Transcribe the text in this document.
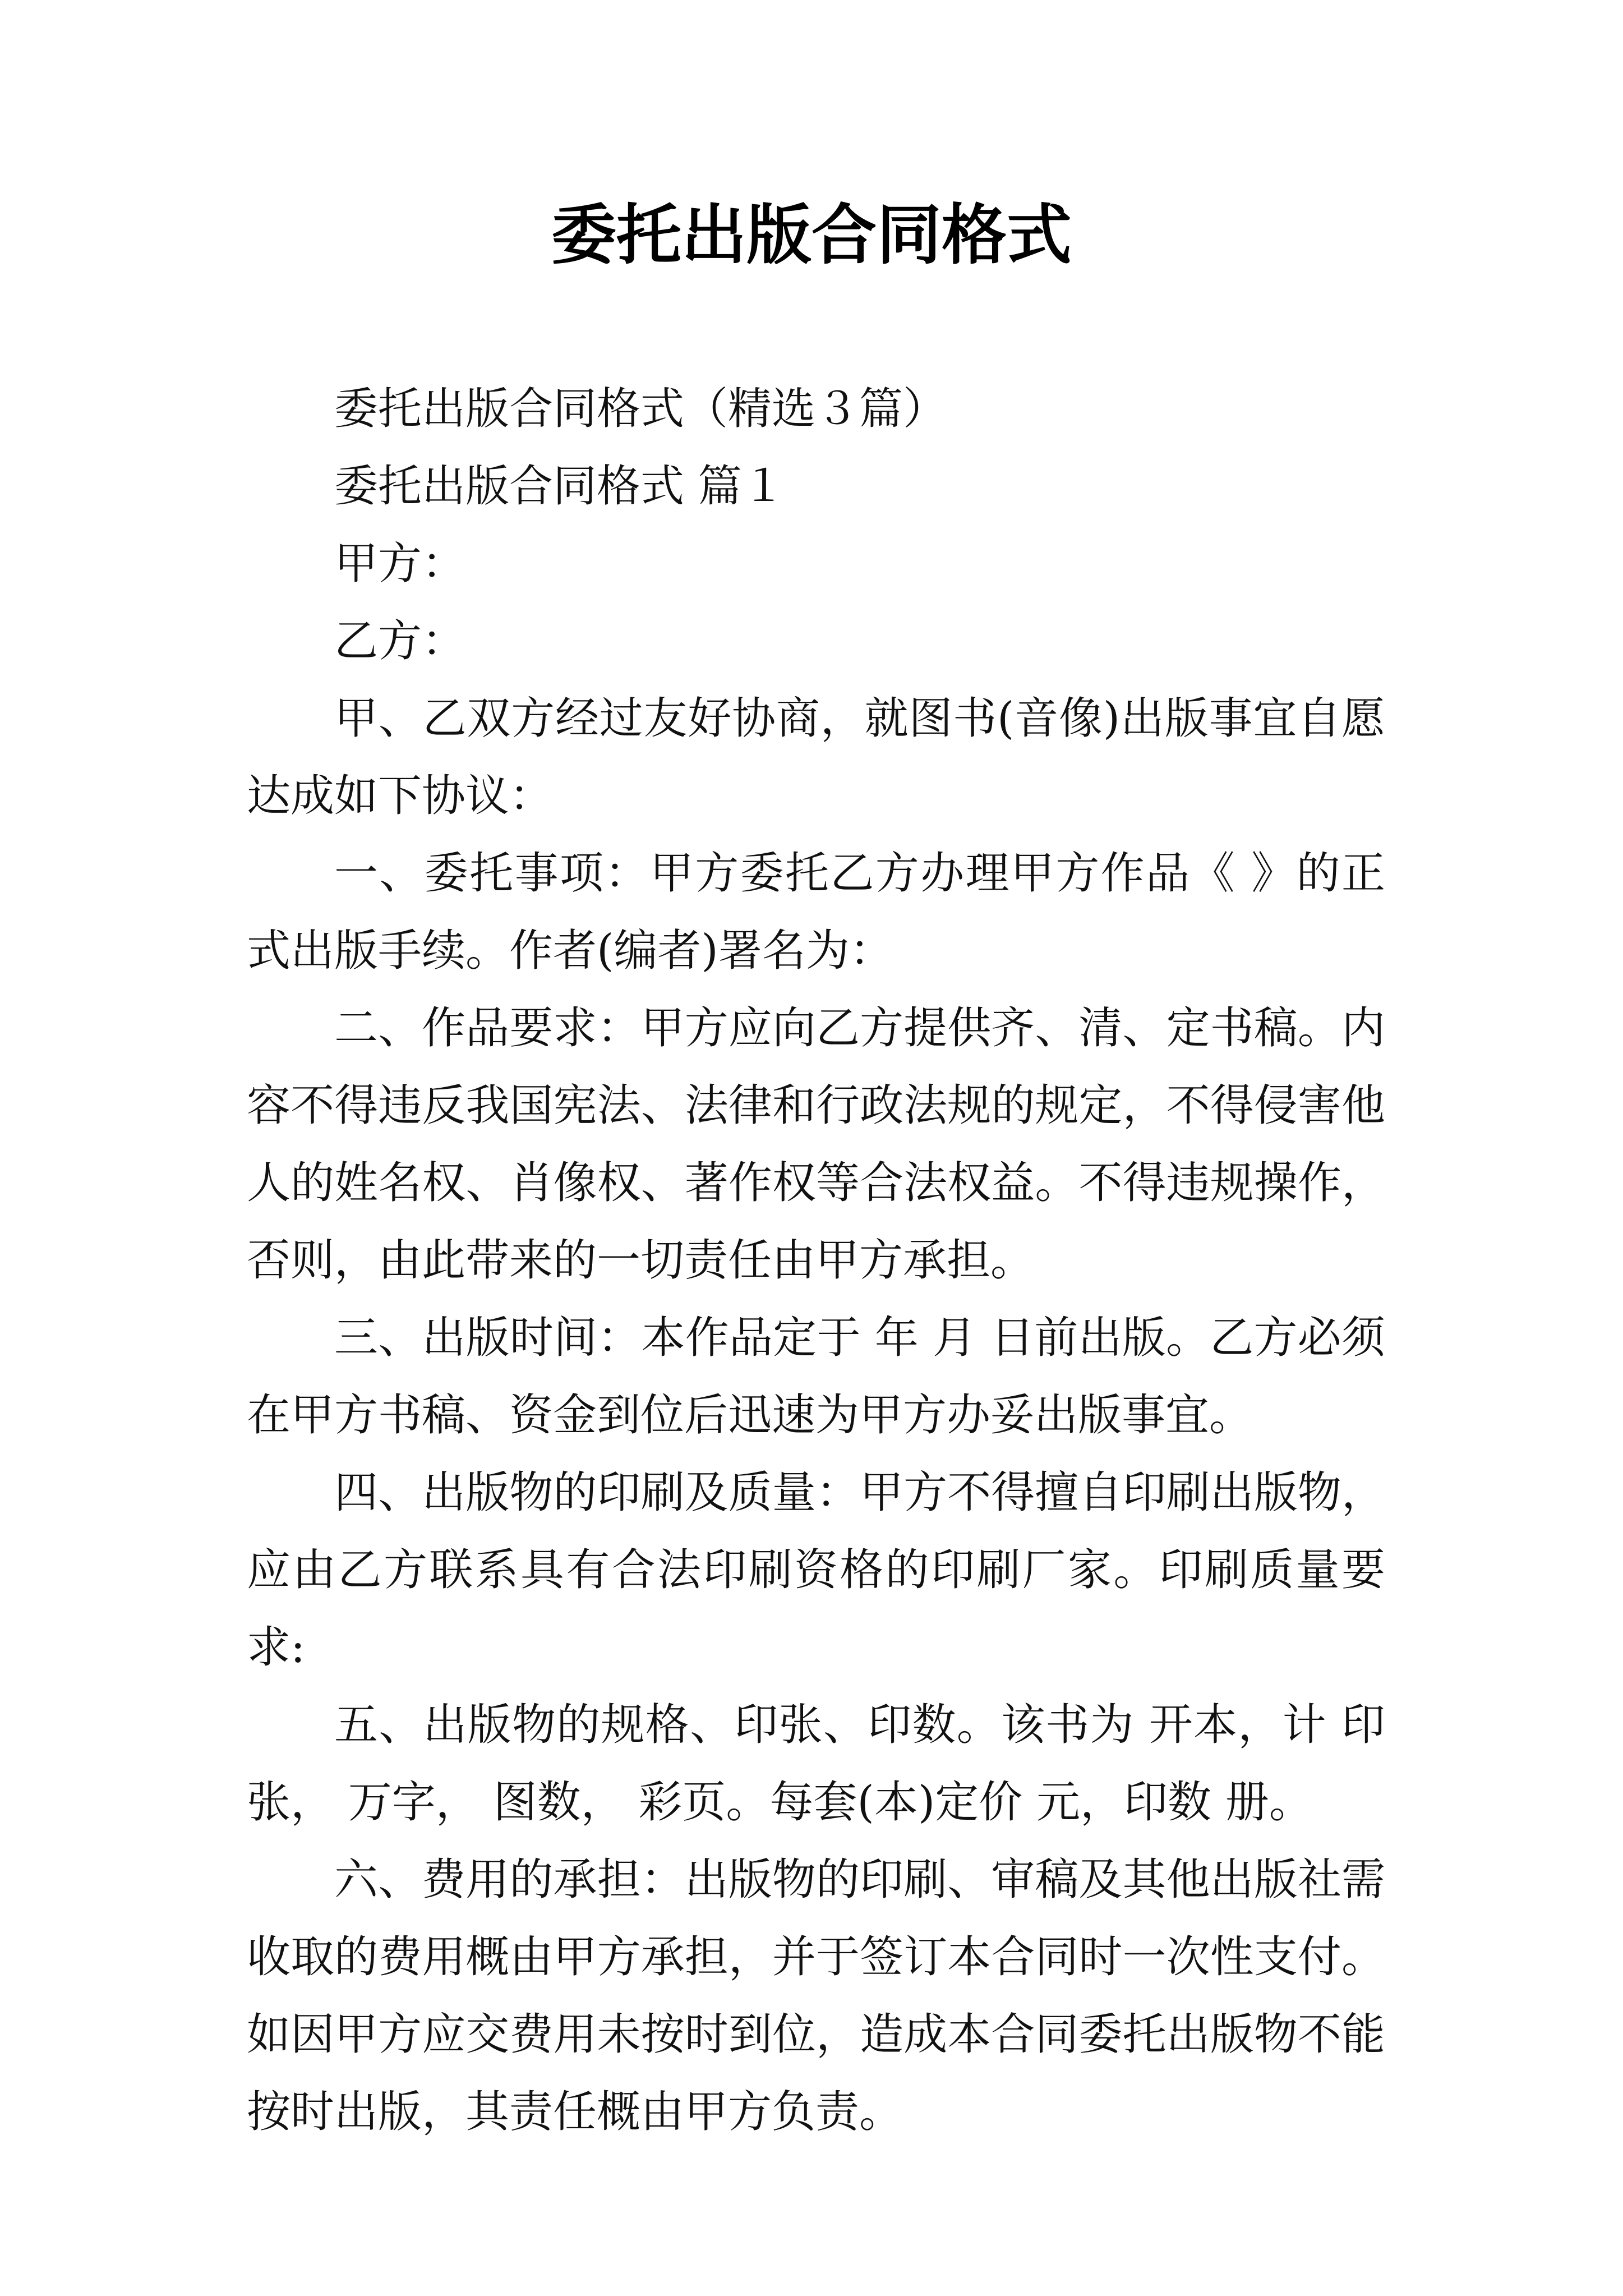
委托出版合同格式

委托出版合同格式（精选３篇）

委托出版合同格式 篇１

甲方：

乙方：

甲、乙双方经过友好协商，就图书(音像)出版事宜自愿达成如下协议：

一、委托事项：甲方委托乙方办理甲方作品《 》的正式出版手续。作者(编者)署名为：

二、作品要求：甲方应向乙方提供齐、清、定书稿。内容不得违反我国宪法、法律和行政法规的规定，不得侵害他人的姓名权、肖像权、著作权等合法权益。不得违规操作，否则，由此带来的一切责任由甲方承担。

三、出版时间：本作品定于 年 月 日前出版。乙方必须在甲方书稿、资金到位后迅速为甲方办妥出版事宜。

四、出版物的印刷及质量：甲方不得擅自印刷出版物，应由乙方联系具有合法印刷资格的印刷厂家。印刷质量要求:

五、出版物的规格、印张、印数。该书为 开本，计 印张， 万字， 图数， 彩页。每套(本)定价 元，印数 册。

六、费用的承担：出版物的印刷、审稿及其他出版社需收取的费用概由甲方承担，并于签订本合同时一次性支付。如因甲方应交费用未按时到位，造成本合同委托出版物不能按时出版，其责任概由甲方负责。
